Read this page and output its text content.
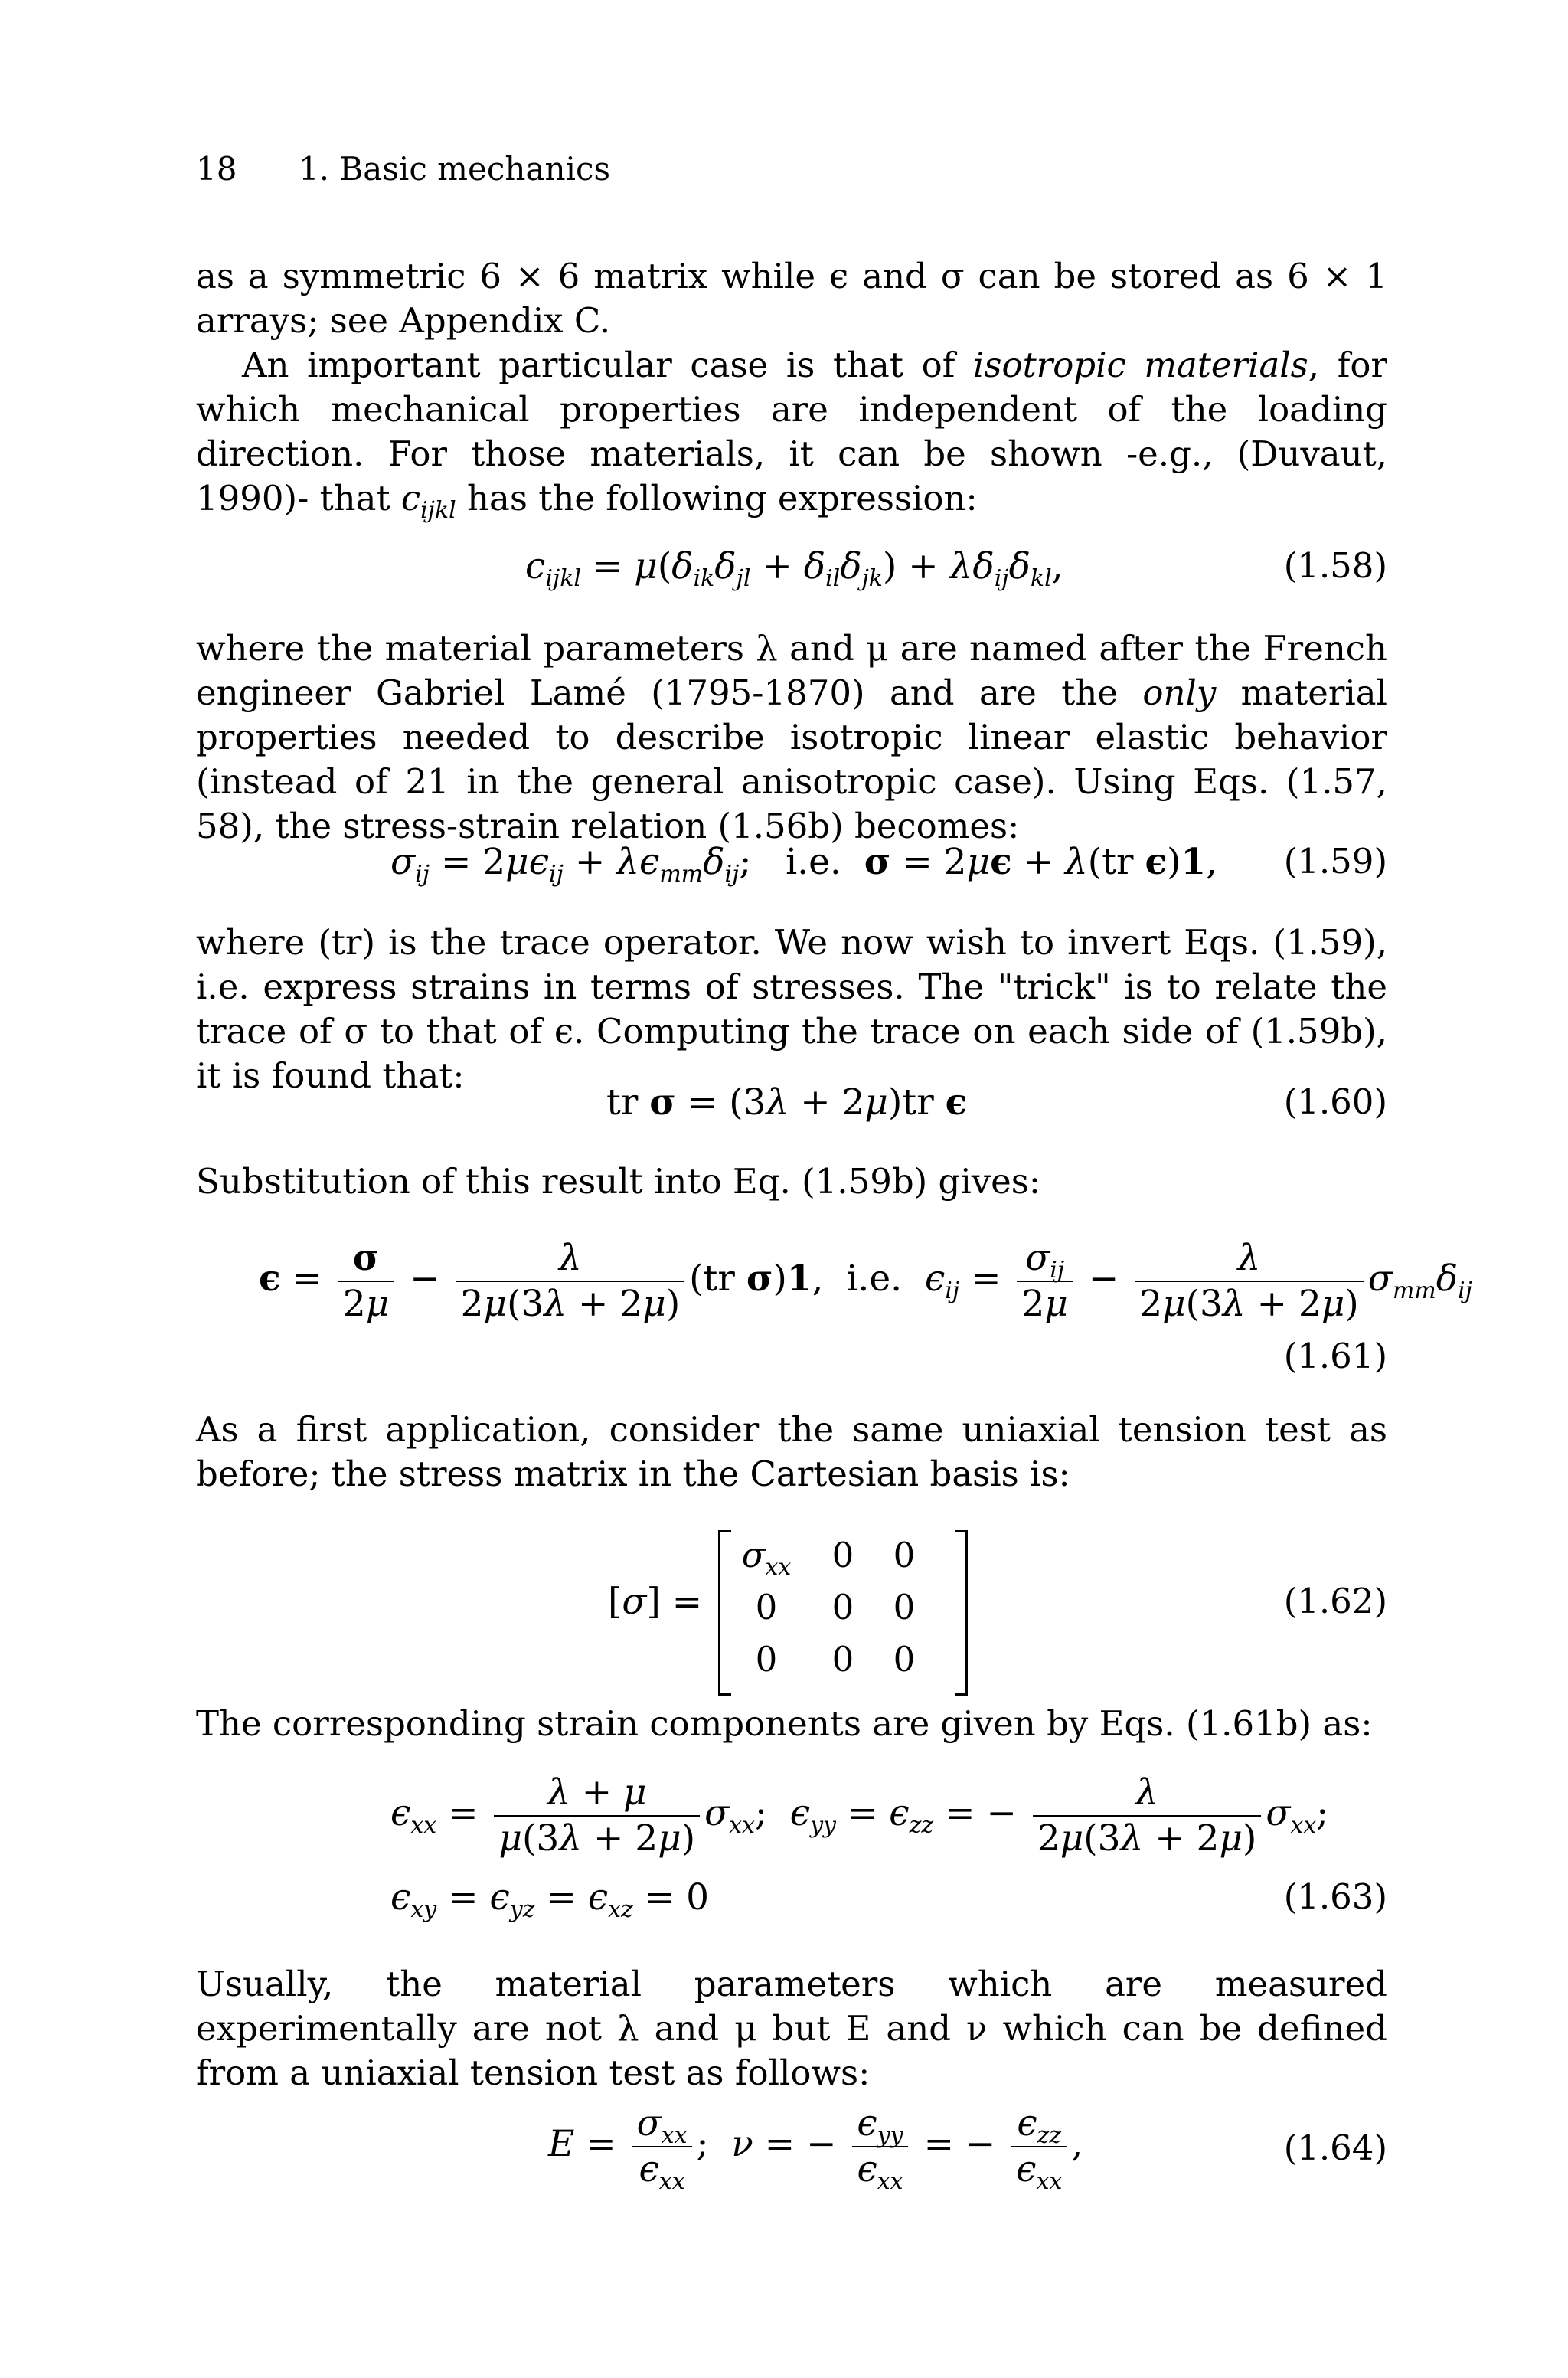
18 1. Basic mechanics

as a symmetric 6 × 6 matrix while ϵ and σ can be stored as 6 × 1 arrays; see Appendix C.

An important particular case is that of isotropic materials, for which mechanical properties are independent of the loading direction. For those materials, it can be shown -e.g., (Duvaut, 1990)- that $c_{ijkl}$ has the following expression:

$c_{ijkl} = \mu(\delta_{ik}\delta_{jl} + \delta_{il}\delta_{jk}) + \lambda\delta_{ij}\delta_{kl}$,	(1.58)

where the material parameters λ and μ are named after the French engineer Gabriel Lamé (1795-1870) and are the only material properties needed to describe isotropic linear elastic behavior (instead of 21 in the general anisotropic case). Using Eqs. (1.57, 58), the stress-strain relation (1.56b) becomes:

$\sigma_{ij} = 2\mu\epsilon_{ij} + \lambda\epsilon_{mm}\delta_{ij}$;   i.e. σ = 2μϵ + λ(tr ϵ)1, (1.59)

where (tr) is the trace operator. We now wish to invert Eqs. (1.59), i.e. express strains in terms of stresses. The "trick" is to relate the trace of σ to that of ϵ. Computing the trace on each side of (1.59b), it is found that:

tr σ = (3λ + 2μ)tr ϵ	(1.60)

Substitution of this result into Eq. (1.59b) gives:

$\epsilon = \frac{\sigma}{2\mu} - \frac{\lambda}{2\mu(3\lambda + 2\mu)} (tr$ σ)1,  i.e. $\epsilon_{ij} = \frac{\sigma_{ij}}{2\mu} - \frac{\lambda}{2\mu(3\lambda + 2\mu)} \sigma_{mm}\delta_{ij}$
(1.61)

As a first application, consider the same uniaxial tension test as before; the stress matrix in the Cartesian basis is:

[σ] =
$\sigma_{xx}$	0	0
0	0	0
0	0	0
(1.62)

The corresponding strain components are given by Eqs. (1.61b) as:

$\epsilon_{xx} = \frac{\lambda + \mu}{\mu(3\lambda + 2\mu)} \sigma_{xx}$;  $\epsilon_{yy} = \epsilon_{zz}$ = − $\frac{\lambda}{2\mu(3\lambda + 2\mu)} \sigma_{xx}$;
$\epsilon_{xy} = \epsilon_{yz} = \epsilon_{xz} = 0$	(1.63)

Usually, the material parameters which are measured experimentally are not λ and μ but E and ν which can be defined from a uniaxial tension test as follows:

$E = \frac{\sigma_{xx}}{\epsilon_{xx}}$ ;  ν = − $\frac{\epsilon_{yy}}{\epsilon_{xx}}$ = − $\frac{\epsilon_{zz}}{\epsilon_{xx}}$ ,	(1.64)
